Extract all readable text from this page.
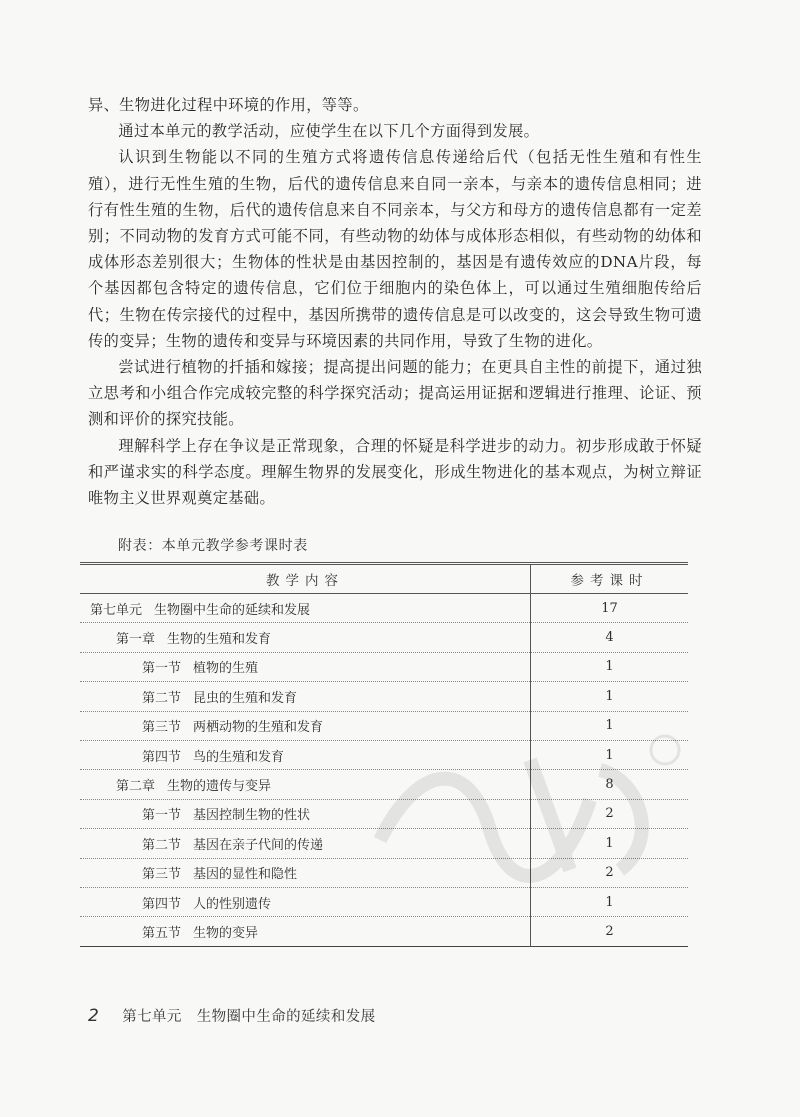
异、生物进化过程中环境的作用，等等。

通过本单元的教学活动，应使学生在以下几个方面得到发展。

认识到生物能以不同的生殖方式将遗传信息传递给后代（包括无性生殖和有性生殖），进行无性生殖的生物，后代的遗传信息来自同一亲本，与亲本的遗传信息相同；进行有性生殖的生物，后代的遗传信息来自不同亲本，与父方和母方的遗传信息都有一定差别；不同动物的发育方式可能不同，有些动物的幼体与成体形态相似，有些动物的幼体和成体形态差别很大；生物体的性状是由基因控制的，基因是有遗传效应的DNA片段，每个基因都包含特定的遗传信息，它们位于细胞内的染色体上，可以通过生殖细胞传给后代；生物在传宗接代的过程中，基因所携带的遗传信息是可以改变的，这会导致生物可遗传的变异；生物的遗传和变异与环境因素的共同作用，导致了生物的进化。

尝试进行植物的扦插和嫁接；提高提出问题的能力；在更具自主性的前提下，通过独立思考和小组合作完成较完整的科学探究活动；提高运用证据和逻辑进行推理、论证、预测和评价的探究技能。

理解科学上存在争议是正常现象，合理的怀疑是科学进步的动力。初步形成敢于怀疑和严谨求实的科学态度。理解生物界的发展变化，形成生物进化的基本观点，为树立辩证唯物主义世界观奠定基础。

附表：本单元教学参考课时表
教学内容	参考课时
第七单元 生物圈中生命的延续和发展	17
第一章 生物的生殖和发育	4
第一节 植物的生殖	1
第二节 昆虫的生殖和发育	1
第三节 两栖动物的生殖和发育	1
第四节 鸟的生殖和发育	1
第二章 生物的遗传与变异	8
第一节 基因控制生物的性状	2
第二节 基因在亲子代间的传递	1
第三节 基因的显性和隐性	2
第四节 人的性别遗传	1
第五节 生物的变异	2
2 第七单元　生物圈中生命的延续和发展
